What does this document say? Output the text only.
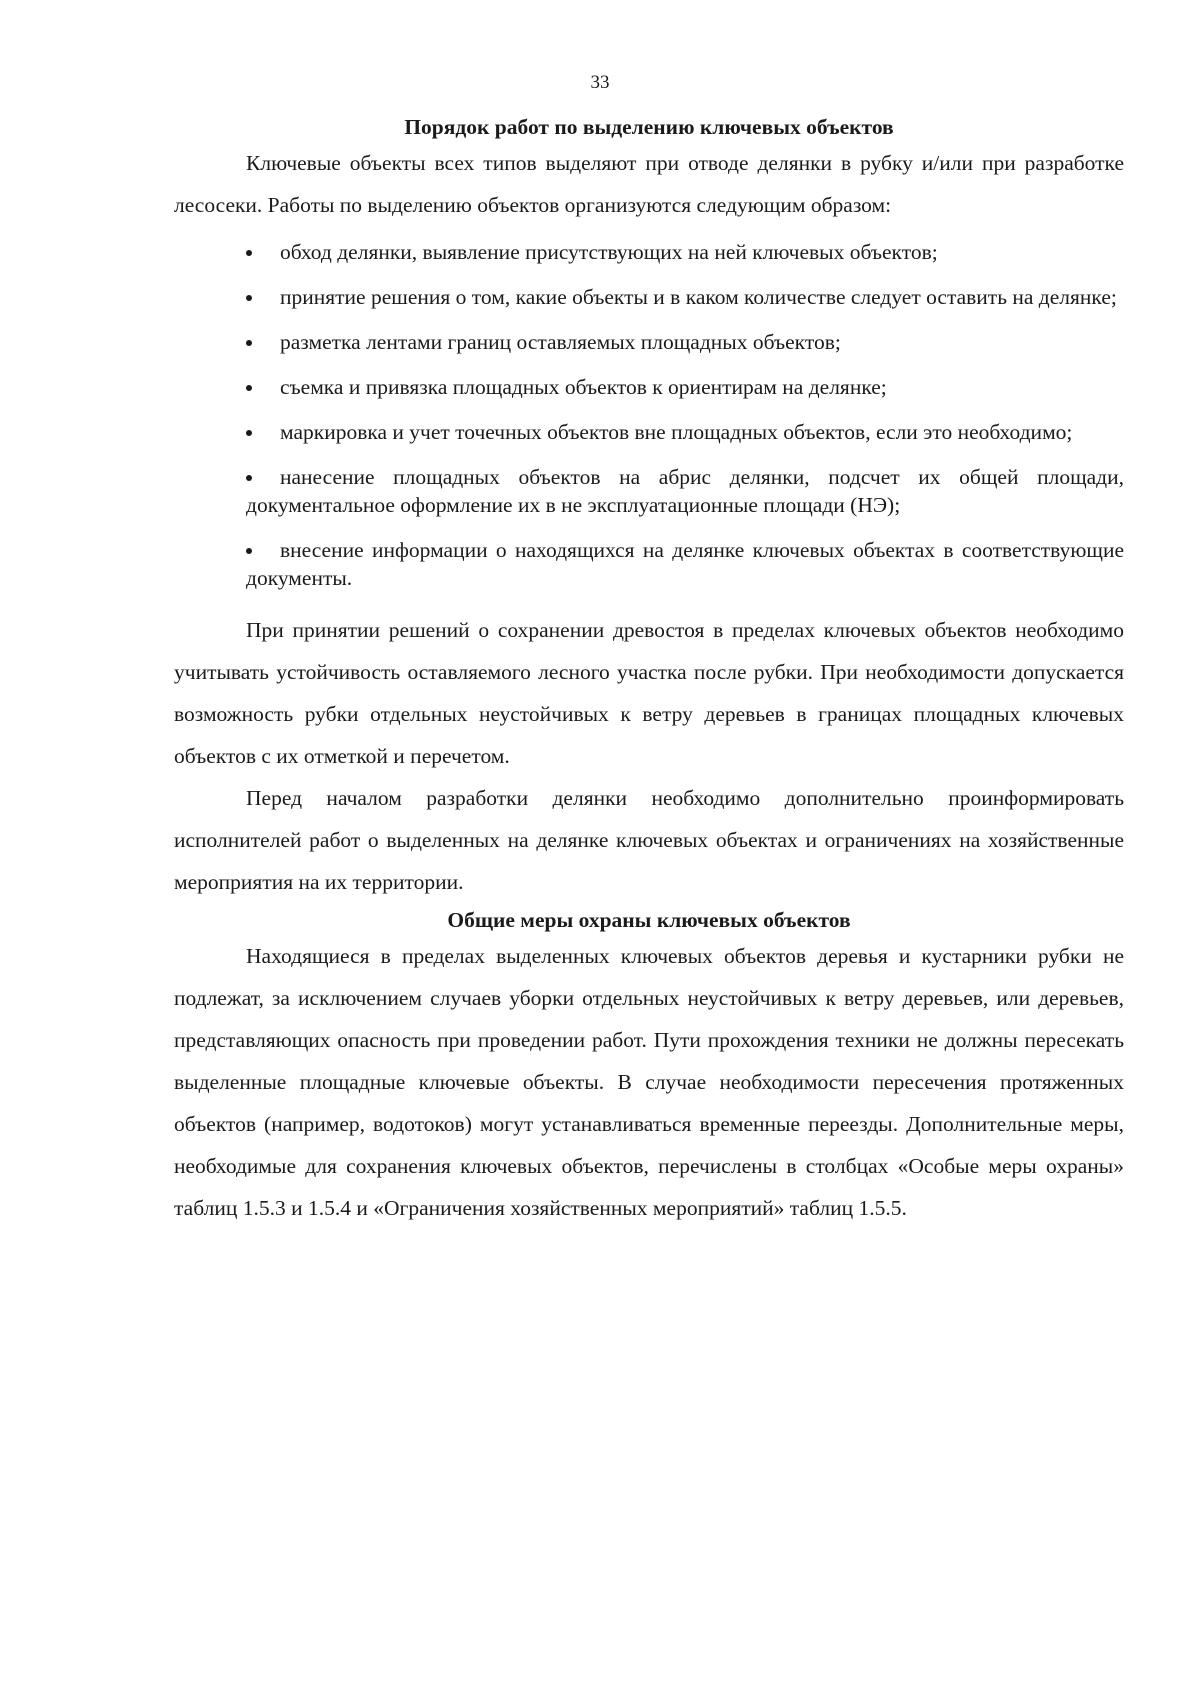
33

Порядок работ по выделению ключевых объектов

Ключевые объекты всех типов выделяют при отводе делянки в рубку и/или при разработке лесосеки. Работы по выделению объектов организуются следующим образом:

обход делянки, выявление присутствующих на ней ключевых объектов;
принятие решения о том, какие объекты и в каком количестве следует оставить на делянке;
разметка лентами границ оставляемых площадных объектов;
съемка и привязка площадных объектов к ориентирам на делянке;
маркировка и учет точечных объектов вне площадных объектов, если это необходимо;
нанесение площадных объектов на абрис делянки, подсчет их общей площади, документальное оформление их в не эксплуатационные площади (НЭ);
внесение информации о находящихся на делянке ключевых объектах в соответствующие документы.

При принятии решений о сохранении древостоя в пределах ключевых объектов необходимо учитывать устойчивость оставляемого лесного участка после рубки. При необходимости допускается возможность рубки отдельных неустойчивых к ветру деревьев в границах площадных ключевых объектов с их отметкой и перечетом.

Перед началом разработки делянки необходимо дополнительно проинформировать исполнителей работ о выделенных на делянке ключевых объектах и ограничениях на хозяйственные мероприятия на их территории.

Общие меры охраны ключевых объектов

Находящиеся в пределах выделенных ключевых объектов деревья и кустарники рубки не подлежат, за исключением случаев уборки отдельных неустойчивых к ветру деревьев, или деревьев, представляющих опасность при проведении работ. Пути прохождения техники не должны пересекать выделенные площадные ключевые объекты. В случае необходимости пересечения протяженных объектов (например, водотоков) могут устанавливаться временные переезды. Дополнительные меры, необходимые для сохранения ключевых объектов, перечислены в столбцах «Особые меры охраны» таблиц 1.5.3 и 1.5.4 и «Ограничения хозяйственных мероприятий» таблиц 1.5.5.
